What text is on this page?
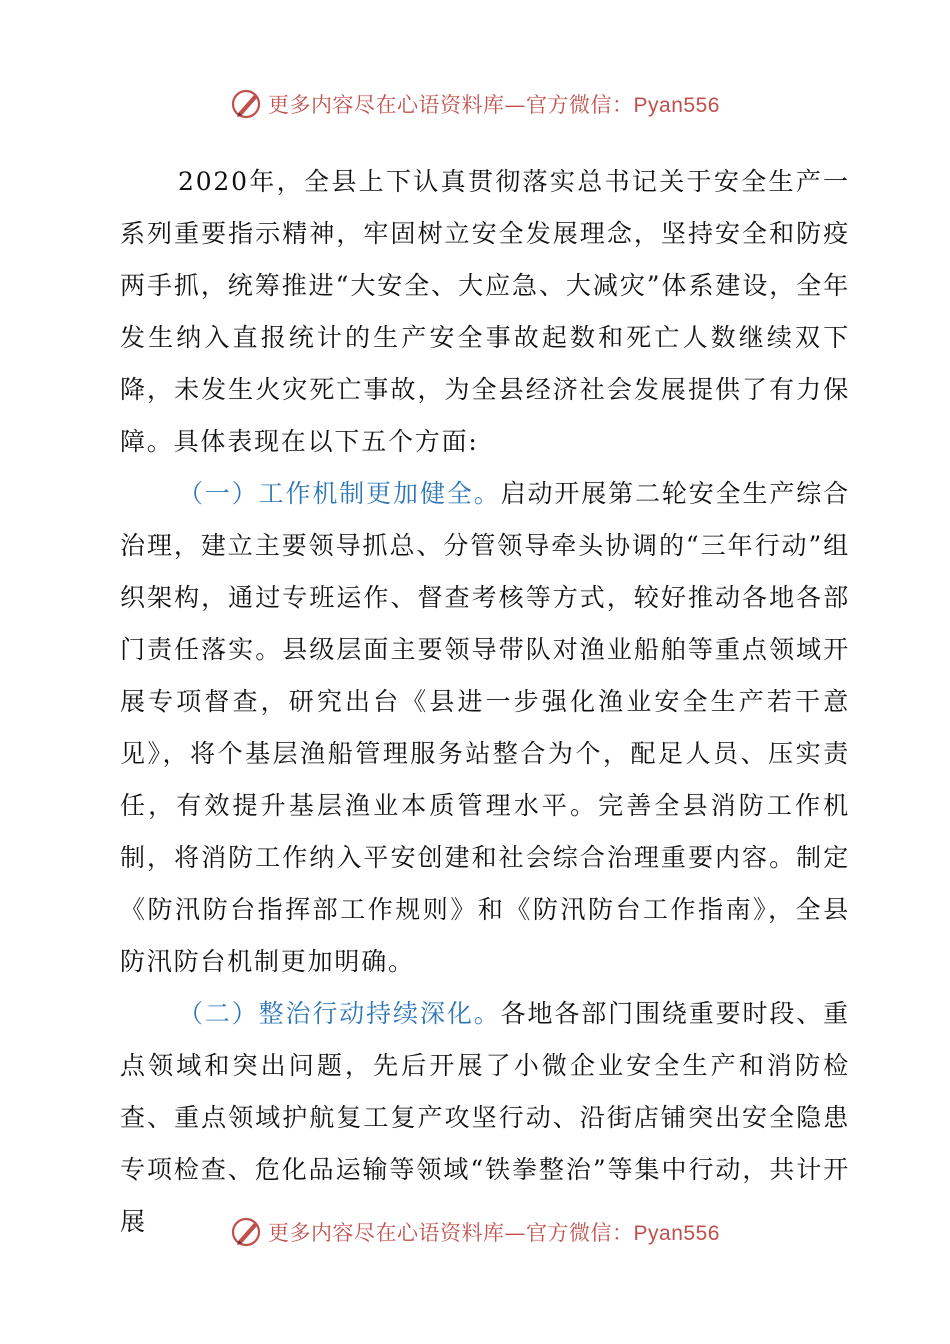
更多内容尽在心语资料库—官方微信：Pyan556

2020年，全县上下认真贯彻落实总书记关于安全生产一系列重要指示精神，牢固树立安全发展理念，坚持安全和防疫两手抓，统筹推进“大安全、大应急、大减灾”体系建设，全年发生纳入直报统计的生产安全事故起数和死亡人数继续双下降，未发生火灾死亡事故，为全县经济社会发展提供了有力保障。具体表现在以下五个方面:

（一）工作机制更加健全。启动开展第二轮安全生产综合治理，建立主要领导抓总、分管领导牵头协调的“三年行动”组织架构，通过专班运作、督查考核等方式，较好推动各地各部门责任落实。县级层面主要领导带队对渔业船舶等重点领域开展专项督查，研究出台《县进一步强化渔业安全生产若干意见》，将个基层渔船管理服务站整合为个，配足人员、压实责任，有效提升基层渔业本质管理水平。完善全县消防工作机制，将消防工作纳入平安创建和社会综合治理重要内容。制定《防汛防台指挥部工作规则》和《防汛防台工作指南》，全县防汛防台机制更加明确。

（二）整治行动持续深化。各地各部门围绕重要时段、重点领域和突出问题，先后开展了小微企业安全生产和消防检查、重点领域护航复工复产攻坚行动、沿街店铺突出安全隐患专项检查、危化品运输等领域“铁拳整治”等集中行动，共计开展	更多内容尽在心语资料库—官方微信：Pyan556
